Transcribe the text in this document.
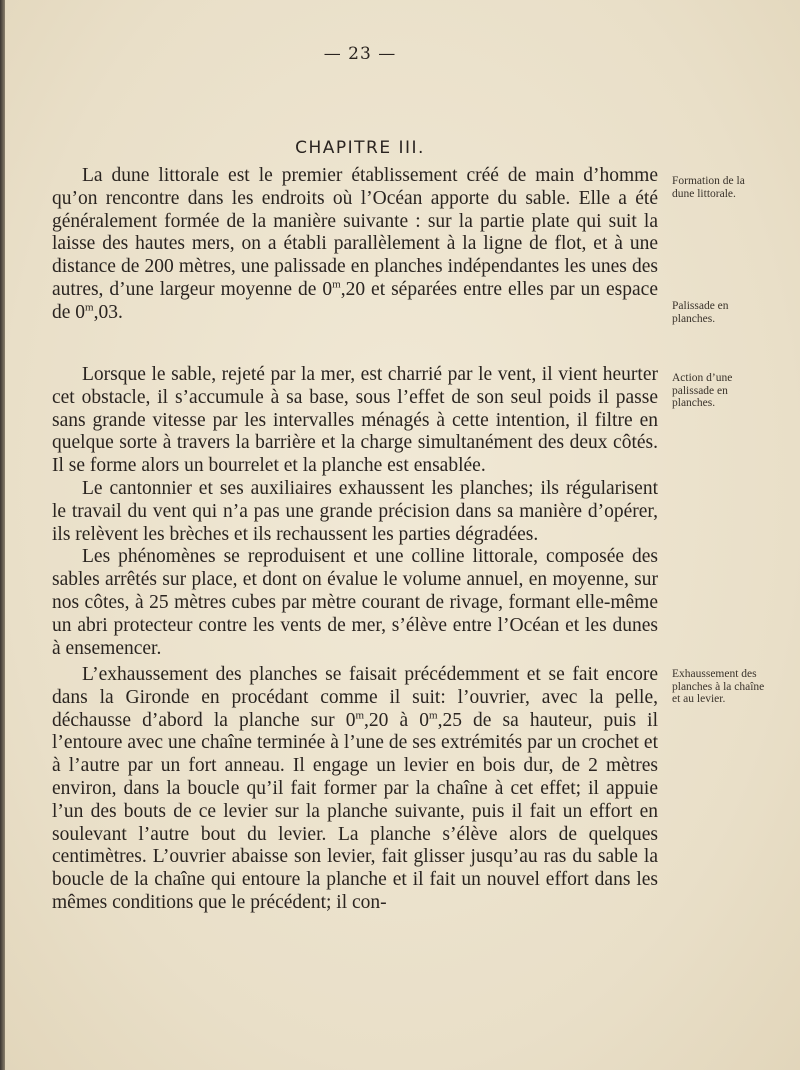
— 23 —
CHAPITRE III.

La dune littorale est le premier établissement créé de main d’homme qu’on rencontre dans les endroits où l’Océan apporte du sable. Elle a été généralement formée de la manière suivante : sur la partie plate qui suit la laisse des hautes mers, on a établi parallèlement à la ligne de flot, et à une distance de 200 mètres, une palissade en planches indépendantes les unes des autres, d’une largeur moyenne de 0$^m$,20 et séparées entre elles par un espace de 0$^m$,03.

Lorsque le sable, rejeté par la mer, est charrié par le vent, il vient heurter cet obstacle, il s’accumule à sa base, sous l’effet de son seul poids il passe sans grande vitesse par les intervalles ménagés à cette intention, il filtre en quelque sorte à travers la barrière et la charge simultanément des deux côtés. Il se forme alors un bourrelet et la planche est ensablée.

Le cantonnier et ses auxiliaires exhaussent les planches; ils régularisent le travail du vent qui n’a pas une grande précision dans sa manière d’opérer, ils relèvent les brèches et ils rechaussent les parties dégradées.

Les phénomènes se reproduisent et une colline littorale, composée des sables arrêtés sur place, et dont on évalue le volume annuel, en moyenne, sur nos côtes, à 25 mètres cubes par mètre courant de rivage, formant elle-même un abri protecteur contre les vents de mer, s’élève entre l’Océan et les dunes à ensemencer.

L’exhaussement des planches se faisait précédemment et se fait encore dans la Gironde en procédant comme il suit: l’ouvrier, avec la pelle, déchausse d’abord la planche sur 0$^m$,20 à 0$^m$,25 de sa hauteur, puis il l’entoure avec une chaîne terminée à l’une de ses extrémités par un crochet et à l’autre par un fort anneau. Il engage un levier en bois dur, de 2 mètres environ, dans la boucle qu’il fait former par la chaîne à cet effet; il appuie l’un des bouts de ce levier sur la planche suivante, puis il fait un effort en soulevant l’autre bout du levier. La planche s’élève alors de quelques centimètres. L’ouvrier abaisse son levier, fait glisser jusqu’au ras du sable la boucle de la chaîne qui entoure la planche et il fait un nouvel effort dans les mêmes conditions que le précédent; il con-

Formation de la dune littorale.
Palissade en planches.
Action d’une palissade en planches.
Exhaussement des planches à la chaîne et au levier.
